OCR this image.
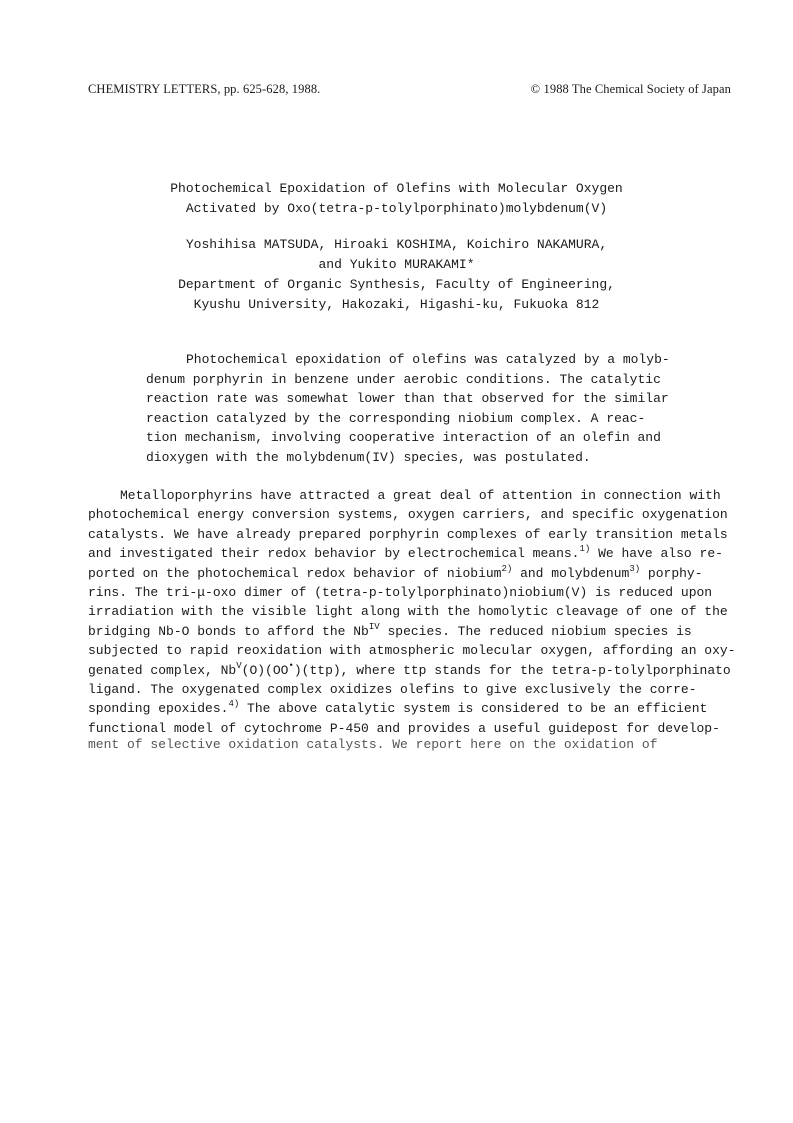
CHEMISTRY LETTERS, pp. 625-628, 1988.	© 1988 The Chemical Society of Japan
Photochemical Epoxidation of Olefins with Molecular Oxygen
Activated by Oxo(tetra-p-tolylporphinato)molybdenum(V)
Yoshihisa MATSUDA, Hiroaki KOSHIMA, Koichiro NAKAMURA,
and Yukito MURAKAMI*
Department of Organic Synthesis, Faculty of Engineering,
Kyushu University, Hakozaki, Higashi-ku, Fukuoka 812
Photochemical epoxidation of olefins was catalyzed by a molyb-
denum porphyrin in benzene under aerobic conditions. The catalytic
reaction rate was somewhat lower than that observed for the similar
reaction catalyzed by the corresponding niobium complex. A reac-
tion mechanism, involving cooperative interaction of an olefin and
dioxygen with the molybdenum(IV) species, was postulated.
Metalloporphyrins have attracted a great deal of attention in connection with
photochemical energy conversion systems, oxygen carriers, and specific oxygenation
catalysts. We have already prepared porphyrin complexes of early transition metals
and investigated their redox behavior by electrochemical means.$^{1)}$ We have also re-
ported on the photochemical redox behavior of niobium$^{2)}$ and molybdenum$^{3)}$ porphy-
rins. The tri-μ-oxo dimer of (tetra-p-tolylporphinato)niobium(V) is reduced upon
irradiation with the visible light along with the homolytic cleavage of one of the
bridging Nb-O bonds to afford the $Nb^{IV}$ species. The reduced niobium species is
subjected to rapid reoxidation with atmospheric molecular oxygen, affording an oxy-
genated complex, $Nb^V(O)(OO^•)(ttp)$, where ttp stands for the tetra-p-tolylporphinato
ligand. The oxygenated complex oxidizes olefins to give exclusively the corre-
sponding epoxides.$^{4)}$ The above catalytic system is considered to be an efficient
functional model of cytochrome P-450 and provides a useful guidepost for develop-
ment of selective oxidation catalysts. We report here on the oxidation of
